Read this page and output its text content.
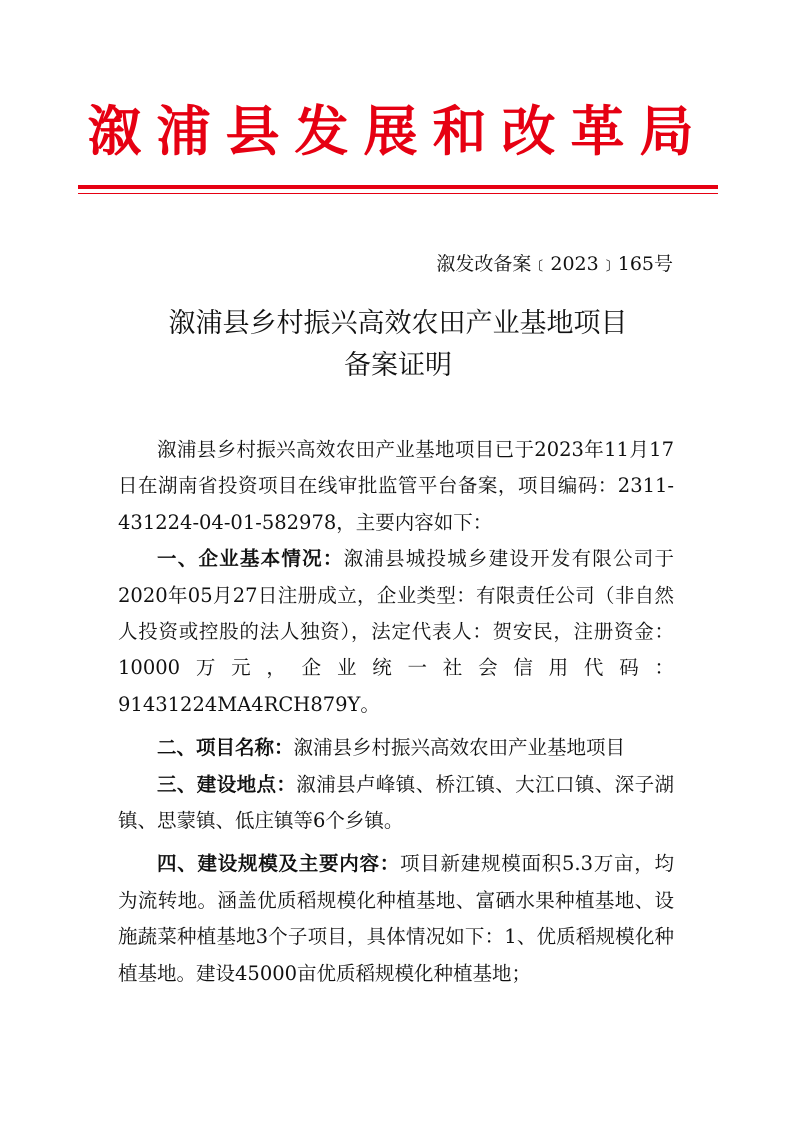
溆浦县发展和改革局
溆发改备案﹝2023﹞165号
溆浦县乡村振兴高效农田产业基地项目
备案证明

溆浦县乡村振兴高效农田产业基地项目已于2023年11月17日在湖南省投资项目在线审批监管平台备案，项目编码：2311-431224-04-01-582978，主要内容如下：

一、企业基本情况：溆浦县城投城乡建设开发有限公司于2020年05月27日注册成立，企业类型：有限责任公司（非自然人投资或控股的法人独资），法定代表人：贺安民，注册资金：10000万元，企业统一社会信用代码：91431224MA4RCH879Y。

二、项目名称：溆浦县乡村振兴高效农田产业基地项目

三、建设地点：溆浦县卢峰镇、桥江镇、大江口镇、深子湖镇、思蒙镇、低庄镇等6个乡镇。

四、建设规模及主要内容：项目新建规模面积5.3万亩，均为流转地。涵盖优质稻规模化种植基地、富硒水果种植基地、设施蔬菜种植基地3个子项目，具体情况如下：1、优质稻规模化种植基地。建设45000亩优质稻规模化种植基地；
